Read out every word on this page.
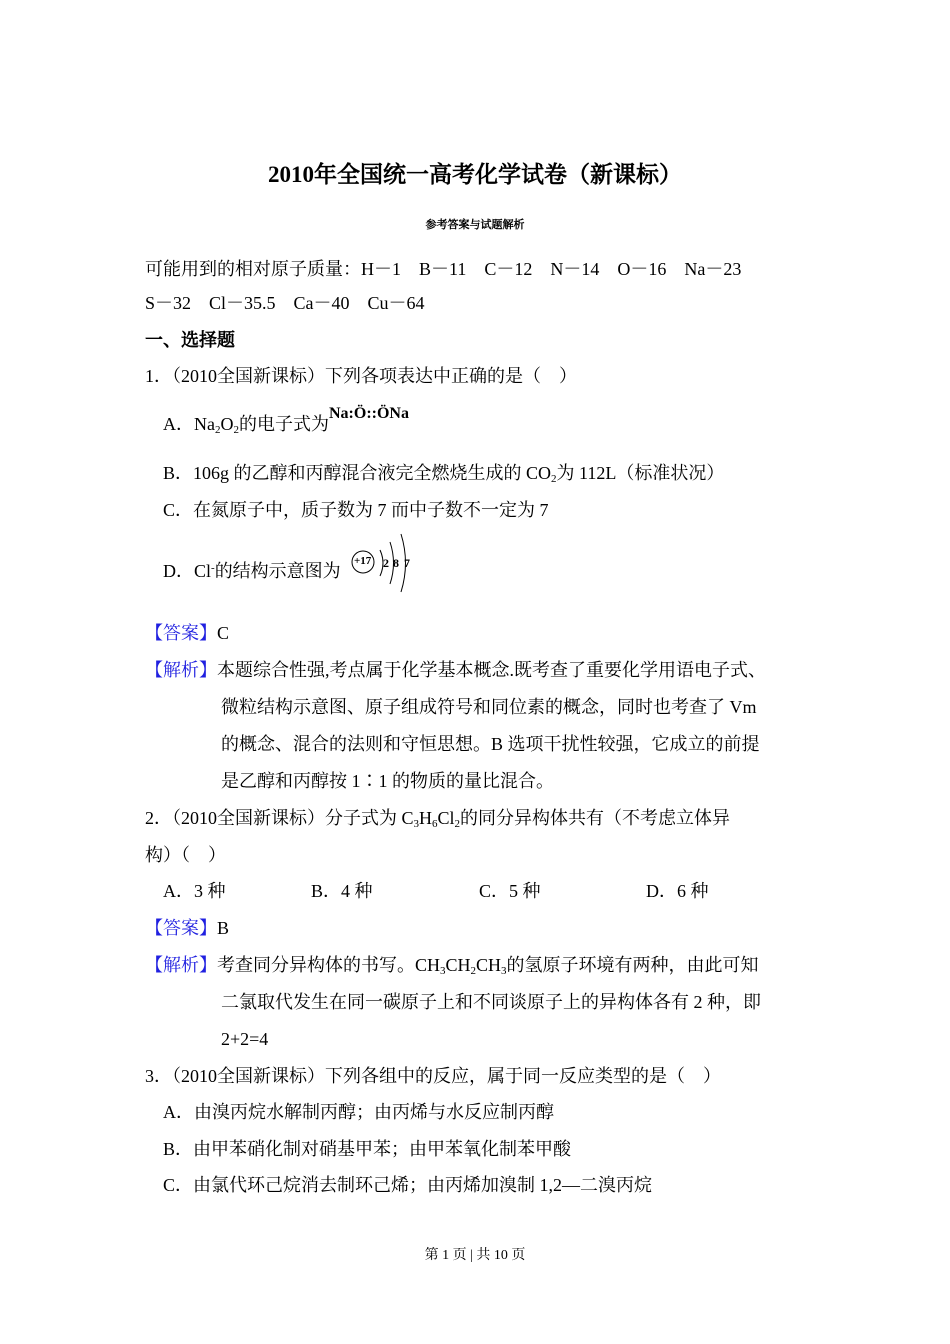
2010年全国统一高考化学试卷（新课标）
参考答案与试题解析
可能用到的相对原子质量：H－1　B－11　C－12　N－14　O－16　Na－23
S－32　Cl－35.5　Ca－40　Cu－64
一、选择题
1．（2010全国新课标）下列各项表达中正确的是（　）
A．$Na_2O_2$的电子式为Na:Ö::ÖNa
B．106g 的乙醇和丙醇混合液完全燃烧生成的 $CO_2$为 112L（标准状况）
C．在氮原子中，质子数为 7 而中子数不一定为 7
D．Cl-的结构示意图为 +17 2 8 7
【答案】C
【解析】本题综合性强,考点属于化学基本概念.既考查了重要化学用语电子式、
微粒结构示意图、原子组成符号和同位素的概念，同时也考查了 Vm
的概念、混合的法则和守恒思想。B 选项干扰性较强，它成立的前提
是乙醇和丙醇按 1∶1 的物质的量比混合。
2．（2010全国新课标）分子式为 $C_3H_6Cl_2$的同分异构体共有（不考虑立体异
构）（　）
A．3 种	B．4 种	C．5 种	D．6 种
【答案】B
【解析】考查同分异构体的书写。$CH_3CH_2CH_3$的氢原子环境有两种，由此可知
二氯取代发生在同一碳原子上和不同谈原子上的异构体各有 2 种，即
2+2=4
3．（2010全国新课标）下列各组中的反应，属于同一反应类型的是（　）
A．由溴丙烷水解制丙醇；由丙烯与水反应制丙醇
B．由甲苯硝化制对硝基甲苯；由甲苯氧化制苯甲酸
C．由氯代环己烷消去制环己烯；由丙烯加溴制 1,2—二溴丙烷
第 1 页 | 共 10 页
